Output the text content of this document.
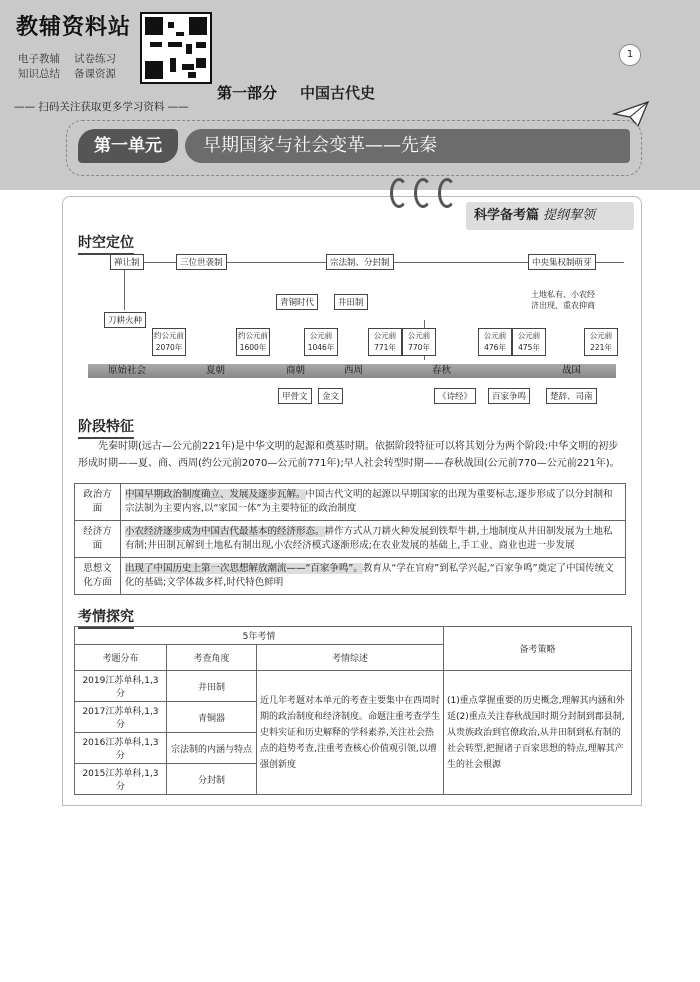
教辅资料站
电子教辅 试卷练习
知识总结 备课资源
—— 扫码关注获取更多学习资料 ——
第一部分 中国古代史
1
第一单元	早期国家与社会变革——先秦
科学备考篇 提纲挈领
时空定位
禅让制	三位世袭制	宗法制、分封制	中央集权制萌芽
刀耕火种
青铜时代	井田制
土地私有、小农经
济出现、重农抑商
约公元前
2070年
约公元前
1600年
公元前
1046年
公元前
771年
公元前
770年
公元前
476年
公元前
475年
公元前
221年
原始社会	夏朝	商朝	西周	春秋	战国
甲骨文	金文	《诗经》	百家争鸣	楚辞、司南
阶段特征
先秦时期(远古—公元前221年)是中华文明的起源和奠基时期。依据阶段特征可以将其划分为两个阶段:中华文明的初步形成时期——夏、商、西周(约公元前2070—公元前771年);早人社会转型时期——春秋战国(公元前770—公元前221年)。
政治方面	中国早期政治制度确立、发展及逐步瓦解。中国古代文明的起源以早期国家的出现为重要标志,逐步形成了以分封制和宗法制为主要内容,以“家国一体”为主要特征的政治制度
经济方面	小农经济逐步成为中国古代最基本的经济形态。耕作方式从刀耕火种发展到铁犁牛耕,土地制度从井田制发展为土地私有制;井田制瓦解到土地私有制出现,小农经济模式逐渐形成;在农业发展的基础上,手工业、商业也进一步发展
思想文化方面	出现了中国历史上第一次思想解放潮流——“百家争鸣”。教育从“学在官府”到私学兴起,“百家争鸣”奠定了中国传统文化的基础;文学体裁多样,时代特色鲜明
考情探究
5年考情			备考策略
考题分布	考查角度	考情综述	
2019江苏单科,1,3分	井田制	近几年考题对本单元的考查主要集中在西周时期的政治制度和经济制度。命题注重考查学生史料实证和历史解释的学科素养,关注社会热点的趋势考查,注重考查核心价值观引领,以增强创新度	(1)重点掌握重要的历史概念,理解其内涵和外延(2)重点关注春秋战国时期分封制到郡县制,从贵族政治到官僚政治,从井田制到私有制的社会转型,把握诸子百家思想的特点,理解其产生的社会根源
2017江苏单科,1,3分	青铜器		
2016江苏单科,1,3分	宗法制的内涵与特点		
2015江苏单科,1,3分	分封制		
